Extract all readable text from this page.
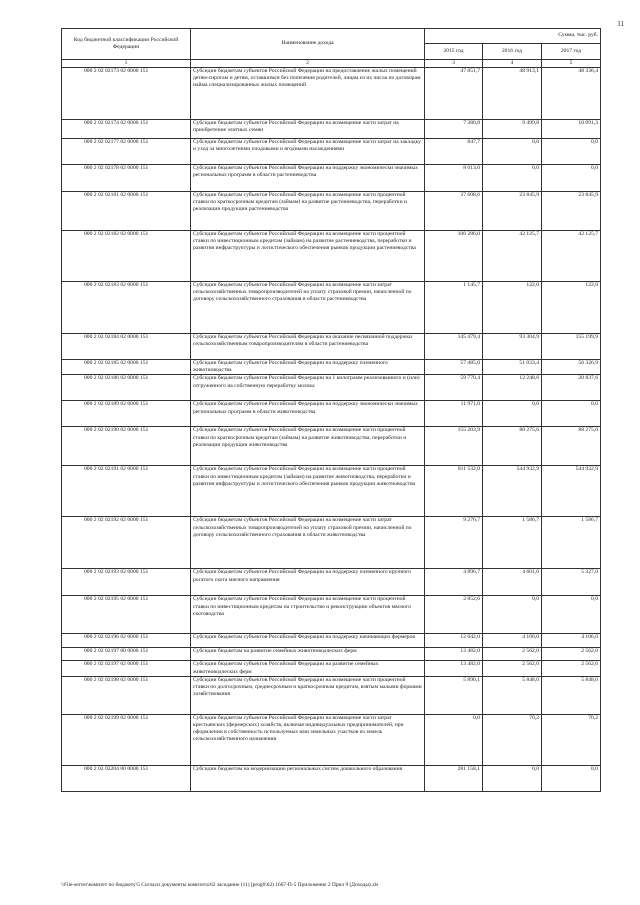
11
Код бюджетной классификации Российской Федерации	Наименование дохода	Сумма, тыс. руб.		
		2015 год	2016 год	2017 год
1	2	3	4	5
000 2 02 02173 02 0000 151	Субсидии бюджетам субъектов Российской Федерации на предоставление жилых помещений детям-сиротам и детям, оставшимся без попечения родителей, лицам из их числа по договорам найма специализированных жилых помещений	47 851,7	48 913,1	48 336,4
000 2 02 02174 02 0000 151	Субсидии бюджетам субъектов Российской Федерации на возмещение части затрат на приобретение элитных семян	7 380,8	9 499,8	10 091,3
000 2 02 02177 02 0000 151	Субсидии бюджетам субъектов Российской Федерации на возмещение части затрат на закладку и уход за многолетними плодовыми и ягодными насаждениями	847,7	0,0	0,0
000 2 02 02178 02 0000 151	Субсидии бюджетам субъектов Российской Федерации на поддержку экономически значимых региональных программ в области растениеводства	8 013,0	0,0	0,0
000 2 02 02181 02 0000 151	Субсидии бюджетам субъектов Российской Федерации на возмещение части процентной ставки по краткосрочным кредитам (займам) на развитие растениеводства, переработки и реализации продукции растениеводства	37 608,6	23 845,9	23 845,9
000 2 02 02182 02 0000 151	Субсидии бюджетам субъектов Российской Федерации на возмещение части процентной ставки по инвестиционным кредитам (займам) на развитие растениеводства, переработки и развития инфраструктуры и логистического обеспечения рынков продукции растениеводства	106 286,0	42 125,7	42 125,7
000 2 02 02183 02 0000 151	Субсидии бюджетам субъектов Российской Федерации на возмещение части затрат сельскохозяйственных товаропроизводителей на уплату страховой премии, начисленной по договору сельскохозяйственного страхования в области растениеводства	1 145,7	122,0	122,0
000 2 02 02184 02 0000 151	Субсидии бюджетам субъектов Российской Федерации на оказание несвязанной поддержки сельскохозяйственным товаропроизводителям в области растениеводства	145 479,4	93 304,9	155 199,9
000 2 02 02185 02 0000 151	Субсидии бюджетам субъектов Российской Федерации на поддержку племенного животноводства	57 485,0	51 033,4	56 326,9
000 2 02 02186 02 0000 151	Субсидии бюджетам субъектов Российской Федерации на 1 килограмм реализованного и (или) отгруженного на собственную переработку молока	59 770,4	12 248,6	20 837,6
000 2 02 02189 02 0000 151	Субсидии бюджетам субъектов Российской Федерации на поддержку экономически значимых региональных программ в области животноводства	11 971,0	0,0	0,0
000 2 02 02190 02 0000 151	Субсидии бюджетам субъектов Российской Федерации на возмещение части процентной ставки по краткосрочным кредитам (займам) на развитие животноводства, переработки и реализации продукции животноводства	155 203,9	88 275,6	88 275,6
000 2 02 02191 02 0000 151	Субсидии бюджетам субъектов Российской Федерации на возмещение части процентной ставки по инвестиционным кредитам (займам) на развитие животноводства, переработки и развития инфраструктуры и логистического обеспечения рынков продукции животноводства	811 532,0	544 932,9	544 932,9
000 2 02 02192 02 0000 151	Субсидии бюджетам субъектов Российской Федерации на возмещение части затрат сельскохозяйственных товаропроизводителей на уплату страховой премии, начисленной по договору сельскохозяйственного страхования в области животноводства	9 276,7	1 586,7	1 586,7
000 2 02 02193 02 0000 151	Субсидии бюджетам субъектов Российской Федерации на поддержку племенного крупного рогатого скота мясного направления	4 896,7	4 601,0	5 327,0
000 2 02 02195 02 0000 151	Субсидии бюджетам субъектов Российской Федерации на возмещение части процентной ставки по инвестиционным кредитам на строительство и реконструкцию объектов мясного скотоводства	2 852,6	0,0	0,0
000 2 02 02196 02 0000 151	Субсидии бюджетам субъектов Российской Федерации на поддержку начинающих фермеров	12 642,0	4 106,0	4 106,0
000 2 02 02197 00 0000 151	Субсидии бюджетам на развитие семейных животноводческих ферм	13 482,0	2 562,0	2 562,0
000 2 02 02197 02 0000 151	Субсидии бюджетам субъектов Российской Федерации на развитие семейных животноводческих ферм	13 482,0	2 562,0	2 562,0
000 2 02 02198 02 0000 151	Субсидии бюджетам субъектов Российской Федерации на возмещение части процентной ставки по долгосрочным, среднесрочным и краткосрочным кредитам, взятым малыми формами хозяйствования	5 890,1	5 848,0	5 848,0
000 2 02 02199 02 0000 151	Субсидии бюджетам субъектов Российской Федерации на возмещение части затрат крестьянских (фермерских) хозяйств, включая индивидуальных предпринимателей, при оформлении в собственность используемых ими земельных участков из земель сельскохозяйственного назначения	0,0	70,2	70,2
000 2 02 02204 00 0000 151	Субсидии бюджетам на модернизацию региональных систем дошкольного образования	281 158,1	0,0	0,0
\\File-server\комитет по бюджету\5 Согласи документы комитета\62 заседание (11) [prog6\62) 1667-П-5 Приложение 2 Прил 9 (Доходы).xls
